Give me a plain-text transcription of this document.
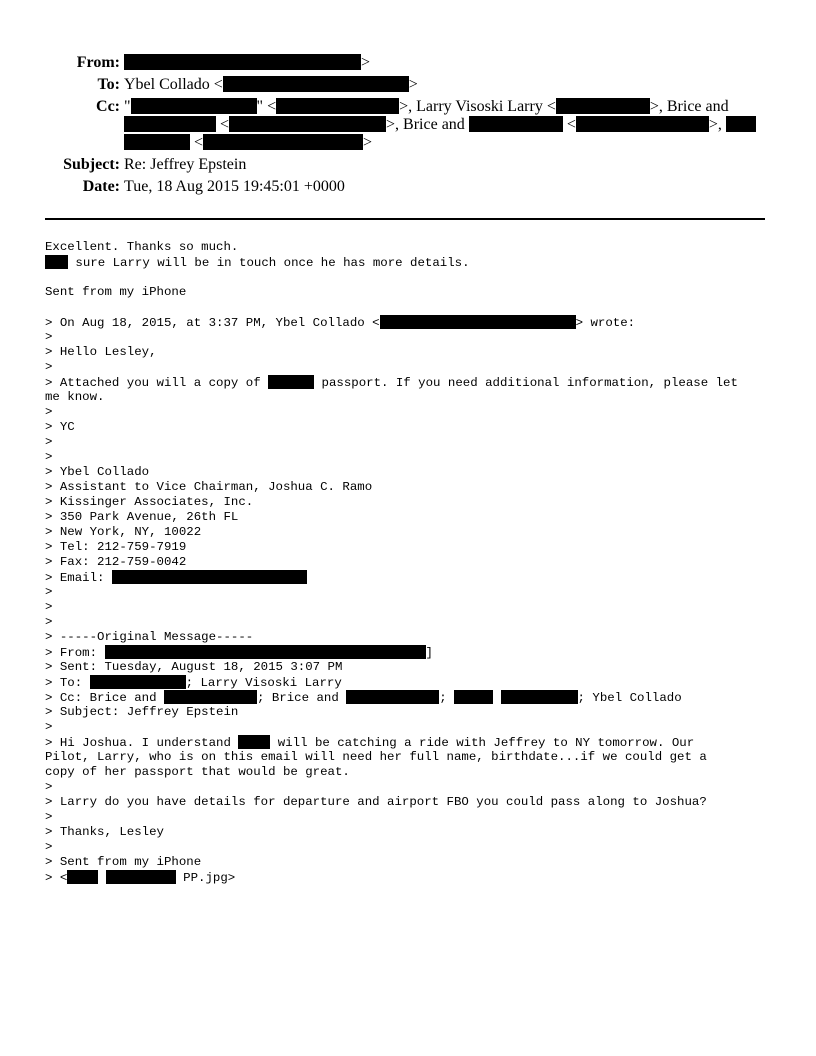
From:	>
To: Ybel Collado <	>
Cc: "	" <	>, Larry Visoski Larry <	>, Brice and
<	>, Brice and	<	>,
<	>
Subject: Re: Jeffrey Epstein
Date: Tue, 18 Aug 2015 19:45:01 +0000
Excellent. Thanks so much.
sure Larry will be in touch once he has more details.
Sent from my iPhone
> On Aug 18, 2015, at 3:37 PM, Ybel Collado <	> wrote:
>
> Hello Lesley,
>
> Attached you will a copy of	passport. If you need additional information, please let
me know.
>
> YC
>
>
> Ybel Collado
> Assistant to Vice Chairman, Joshua C. Ramo
> Kissinger Associates, Inc.
> 350 Park Avenue, 26th FL
> New York, NY, 10022
> Tel: 212-759-7919
> Fax: 212-759-0042
> Email:
>
>
>
> -----Original Message-----
> From:	]
> Sent: Tuesday, August 18, 2015 3:07 PM
> To:	; Larry Visoski Larry
> Cc: Brice and	; Brice and	;	; Ybel Collado
> Subject: Jeffrey Epstein
>
> Hi Joshua. I understand	will be catching a ride with Jeffrey to NY tomorrow. Our
Pilot, Larry, who is on this email will need her full name, birthdate...if we could get a
copy of her passport that would be great.
>
> Larry do you have details for departure and airport FBO you could pass along to Joshua?
>
> Thanks, Lesley
>
> Sent from my iPhone
> <	PP.jpg>
